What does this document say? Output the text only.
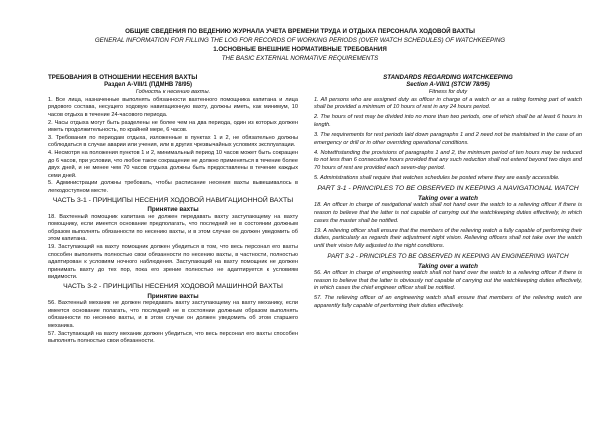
ОБЩИЕ СВЕДЕНИЯ ПО ВЕДЕНИЮ ЖУРНАЛА УЧЕТА ВРЕМЕНИ ТРУДА И ОТДЫХА ПЕРСОНАЛА ХОДОВОЙ ВАХТЫ
GENERAL INFORMATION FOR FILLING THE LOG FOR RECORDS OF WORKING PERIODS (OVER WATCH SCHEDULES) OF WATCHKEEPING
1.ОСНОВНЫЕ ВНЕШНИЕ НОРМАТИВНЫЕ ТРЕБОВАНИЯ
THE BASIC EXTERNAL NORMATIVE REQUIREMENTS
ТРЕБОВАНИЯ В ОТНОШЕНИИ НЕСЕНИЯ ВАХТЫ
Раздел A-VIII/1 (ПДМНВ 78/95)
Годность к несению вахты.

1. Все лица, назначенные выполнять обязанности вахтенного помощника капитана и лица рядового состава, несущего ходовую навигационную вахту, должны иметь, как минимум, 10 часов отдыха в течение 24-часового периода.

2. Часы отдыха могут быть разделены не более чем на два периода, один из которых должен иметь продолжительность, по крайней мере, 6 часов.

3. Требования по периодам отдыха, изложенные в пунктах 1 и 2, не обязательно должны соблюдаться в случае аварии или учения, или в других чрезвычайных условиях эксплуатации.

4. Несмотря на положения пунктов 1 и 2, минимальный период 10 часов может быть сокращен до 6 часов, при условии, что любое такое сокращение не должно применяться в течение более двух дней, и не менее чем 70 часов отдыха должны быть предоставлены в течение каждых семи дней.

5. Администрации должны требовать, чтобы расписание несения вахты вывешивалось в легкодоступном месте.

ЧАСТЬ 3-1 - ПРИНЦИПЫ НЕСЕНИЯ ХОДОВОЙ НАВИГАЦИОННОЙ ВАХТЫ
Принятие вахты

18. Вахтенный помощник капитана не должен передавать вахту заступающему на вахту помощнику, если имеется основание предполагать, что последний не в состоянии должным образом выполнять обязанности по несению вахты, и в этом случае он должен уведомить об этом капитана.

19. Заступающий на вахту помощник должен убедиться в том, что весь персонал его вахты способен выполнять полностью свои обязанности по несению вахты, в частности, полностью адаптирован к условиям ночного наблюдения. Заступающий на вахту помощник не должен принимать вахту до тех пор, пока его зрение полностью не адаптируется к условиям видимости.

ЧАСТЬ 3-2 - ПРИНЦИПЫ НЕСЕНИЯ ХОДОВОЙ МАШИННОЙ ВАХТЫ
Принятие вахты

56. Вахтенный механик не должен передавать вахту заступающему на вахту механику, если имеется основание полагать, что последний не в состоянии должным образом выполнять обязанности по несению вахты, и в этом случае он должен уведомить об этом старшего механика.

57. Заступающий на вахту механик должен убедиться, что весь персонал его вахты способен выполнять полностью свои обязанности.

STANDARDS REGARDING WATCHKEEPING
Section A-VIII/1 (STCW 78/95)
Fitness for duty

1. All persons who are assigned duty as officer in charge of a watch or as a rating forming part of watch shall be provided a minimum of 10 hours of rest in any 24 hours period.

2. The hours of rest may be divided into no more than two periods, one of which shall be at least 6 hours in length.

3. The requirements for rest periods laid down paragraphs 1 and 2 need not be maintained in the case of an emergency or drill or in other overriding operational conditions.

4. Notwithstanding the provisions of paragraphs 1 and 2, the minimum period of ten hours may be reduced to not less than 6 consecutive hours provided that any such reduction shall not extend beyond two days and 70 hours of rest are provided each seven-day period.

5. Administrations shall require that watches schedules be posted where they are easily accessible.

PART 3-1 - PRINCIPLES TO BE OBSERVED IN KEEPING A NAVIGATIONAL WATCH
Taking over a watch

18. An officer in charge of navigational watch shall not hand over the watch to a relieving officer if there is reason to believe that the latter is not capable of carrying out the watchkeeping duties effectively, in which cases the master shall be notified.

19. A relieving officer shall ensure that the members of the relieving watch a fully capable of performing their duties, particularly as regards their adjustment night vision. Relieving officers shall not take over the watch until their vision fully adjusted to the night conditions.

PART 3-2 - PRINCIPLES TO BE OBSERVED IN KEEPING AN ENGINEERING WATCH
Taking over a watch

56. An officer in charge of engineering watch shall not hand over the watch to a relieving officer if there is reason to believe that the latter is obviously not capable of carrying out the watchkeeping duties effectively, in which cases the chief engineer officer shall be notified.

57. The relieving officer of an engineering watch shall ensure that members of the relieving watch are apparently fully capable of performing their duties effectively.
